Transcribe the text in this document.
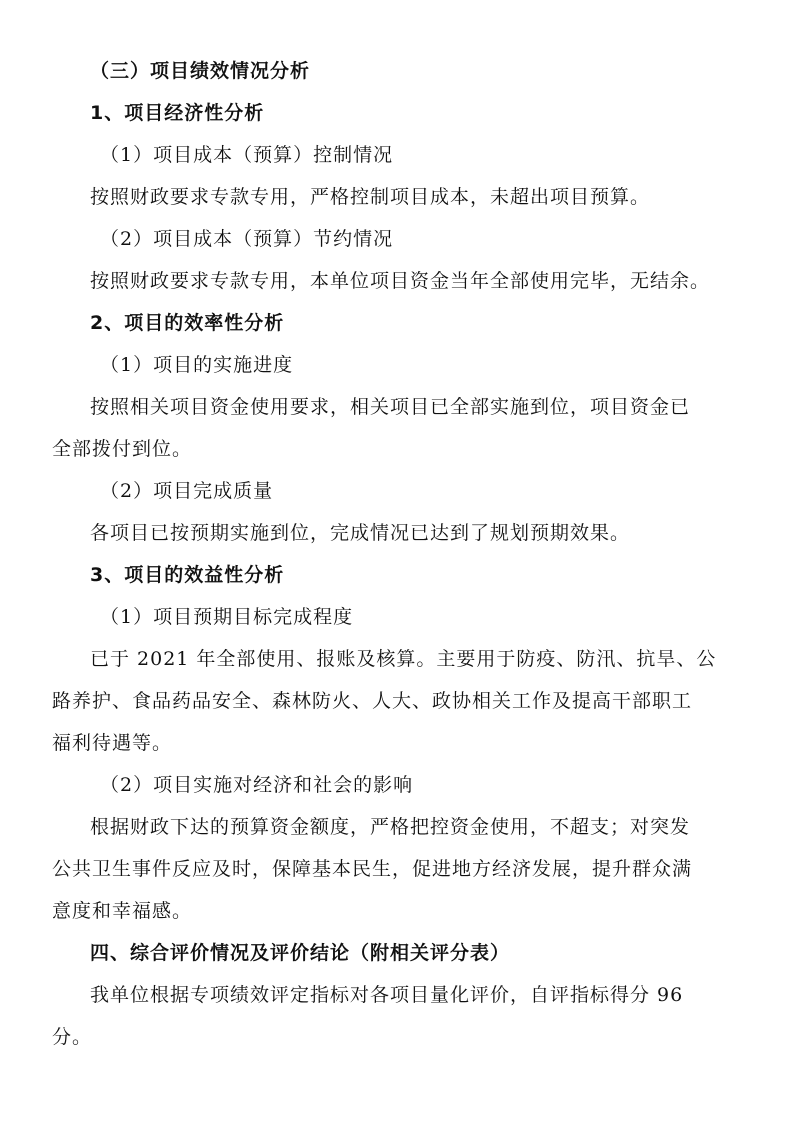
（三）项目绩效情况分析
1、项目经济性分析
（1）项目成本（预算）控制情况
按照财政要求专款专用，严格控制项目成本，未超出项目预算。
（2）项目成本（预算）节约情况
按照财政要求专款专用，本单位项目资金当年全部使用完毕，无结余。
2、项目的效率性分析
（1）项目的实施进度
按照相关项目资金使用要求，相关项目已全部实施到位，项目资金已
全部拨付到位。
（2）项目完成质量
各项目已按预期实施到位，完成情况已达到了规划预期效果。
3、项目的效益性分析
（1）项目预期目标完成程度
已于 2021 年全部使用、报账及核算。主要用于防疫、防汛、抗旱、公
路养护、食品药品安全、森林防火、人大、政协相关工作及提高干部职工
福利待遇等。
（2）项目实施对经济和社会的影响
根据财政下达的预算资金额度，严格把控资金使用，不超支；对突发
公共卫生事件反应及时，保障基本民生，促进地方经济发展，提升群众满
意度和幸福感。
四、综合评价情况及评价结论（附相关评分表）
我单位根据专项绩效评定指标对各项目量化评价，自评指标得分 96
分。
